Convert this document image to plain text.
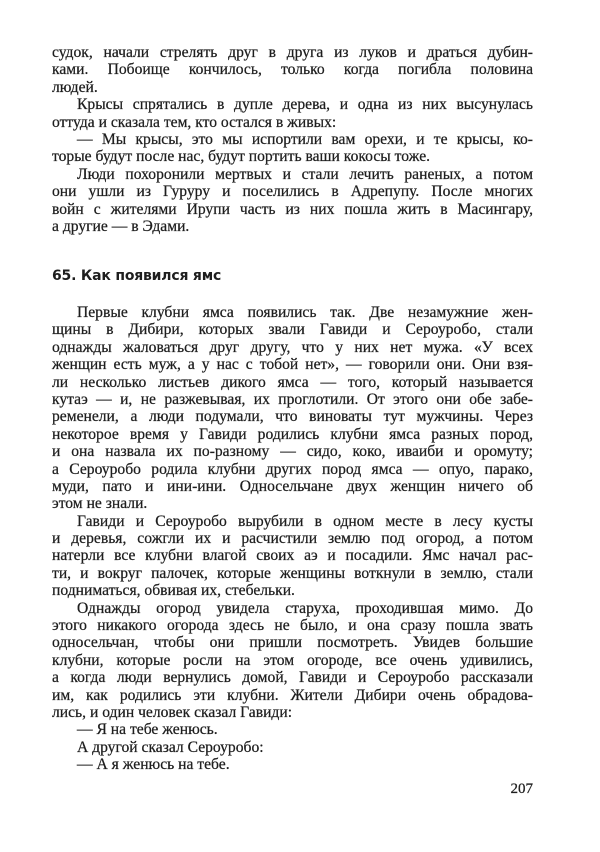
судок, начали стрелять друг в друга из луков и драться дубин-
ками. Побоище кончилось, только когда погибла половина
людей.
Крысы спрятались в дупле дерева, и одна из них высунулась
оттуда и сказала тем, кто остался в живых:
— Мы крысы, это мы испортили вам орехи, и те крысы, ко-
торые будут после нас, будут портить ваши кокосы тоже.
Люди похоронили мертвых и стали лечить раненых, а потом
они ушли из Гуруру и поселились в Адрепупу. После многих
войн с жителями Ирупи часть из них пошла жить в Масингару,
а другие — в Эдами.
65. Как появился ямс
Первые клубни ямса появились так. Две незамужние жен-
щины в Дибири, которых звали Гавиди и Сероуробо, стали
однажды жаловаться друг другу, что у них нет мужа. «У всех
женщин есть муж, а у нас с тобой нет», — говорили они. Они взя-
ли несколько листьев дикого ямса — того, который называется
кутаэ — и, не разжевывая, их проглотили. От этого они обе забе-
ременели, а люди подумали, что виноваты тут мужчины. Через
некоторое время у Гавиди родились клубни ямса разных пород,
и она назвала их по-разному — сидо, коко, иваиби и оромуту;
а Сероуробо родила клубни других пород ямса — опуо, парако,
муди, пато и ини-ини. Односельчане двух женщин ничего об
этом не знали.
Гавиди и Сероуробо вырубили в одном месте в лесу кусты
и деревья, сожгли их и расчистили землю под огород, а потом
натерли все клубни влагой своих аэ и посадили. Ямс начал рас-
ти, и вокруг палочек, которые женщины воткнули в землю, стали
подниматься, обвивая их, стебельки.
Однажды огород увидела старуха, проходившая мимо. До
этого никакого огорода здесь не было, и она сразу пошла звать
односельчан, чтобы они пришли посмотреть. Увидев большие
клубни, которые росли на этом огороде, все очень удивились,
а когда люди вернулись домой, Гавиди и Сероуробо рассказали
им, как родились эти клубни. Жители Дибири очень обрадова-
лись, и один человек сказал Гавиди:
— Я на тебе женюсь.
А другой сказал Сероуробо:
— А я женюсь на тебе.
207
